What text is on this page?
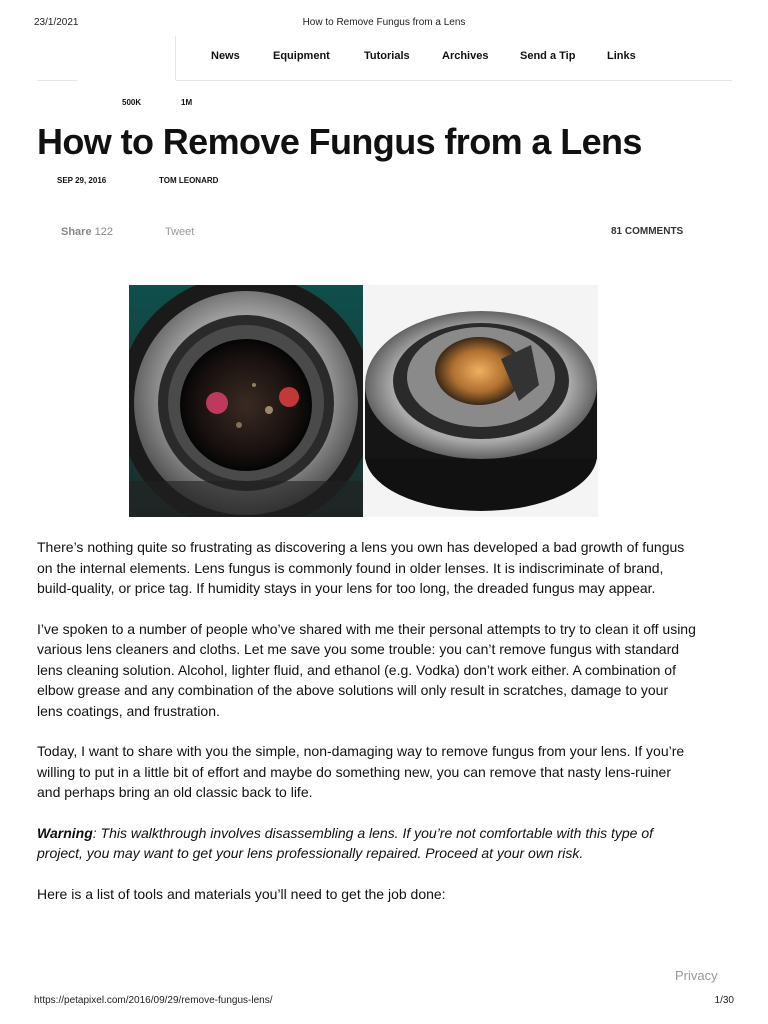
23/1/2021	How to Remove Fungus from a Lens
News	Equipment	Tutorials	Archives	Send a Tip	Links
500K	1M
How to Remove Fungus from a Lens
SEP 29, 2016	TOM LEONARD
Share 122	Tweet	81 COMMENTS

There’s nothing quite so frustrating as discovering a lens you own has developed a bad growth of fungus on the internal elements. Lens fungus is commonly found in older lenses. It is indiscriminate of brand, build-quality, or price tag. If humidity stays in your lens for too long, the dreaded fungus may appear.

I’ve spoken to a number of people who’ve shared with me their personal attempts to try to clean it off using various lens cleaners and cloths. Let me save you some trouble: you can’t remove fungus with standard lens cleaning solution. Alcohol, lighter fluid, and ethanol (e.g. Vodka) don’t work either. A combination of elbow grease and any combination of the above solutions will only result in scratches, damage to your lens coatings, and frustration.

Today, I want to share with you the simple, non-damaging way to remove fungus from your lens. If you’re willing to put in a little bit of effort and maybe do something new, you can remove that nasty lens-ruiner and perhaps bring an old classic back to life.

Warning: This walkthrough involves disassembling a lens. If you’re not comfortable with this type of project, you may want to get your lens professionally repaired. Proceed at your own risk.

Here is a list of tools and materials you’ll need to get the job done:

Privacy
https://petapixel.com/2016/09/29/remove-fungus-lens/	1/30
